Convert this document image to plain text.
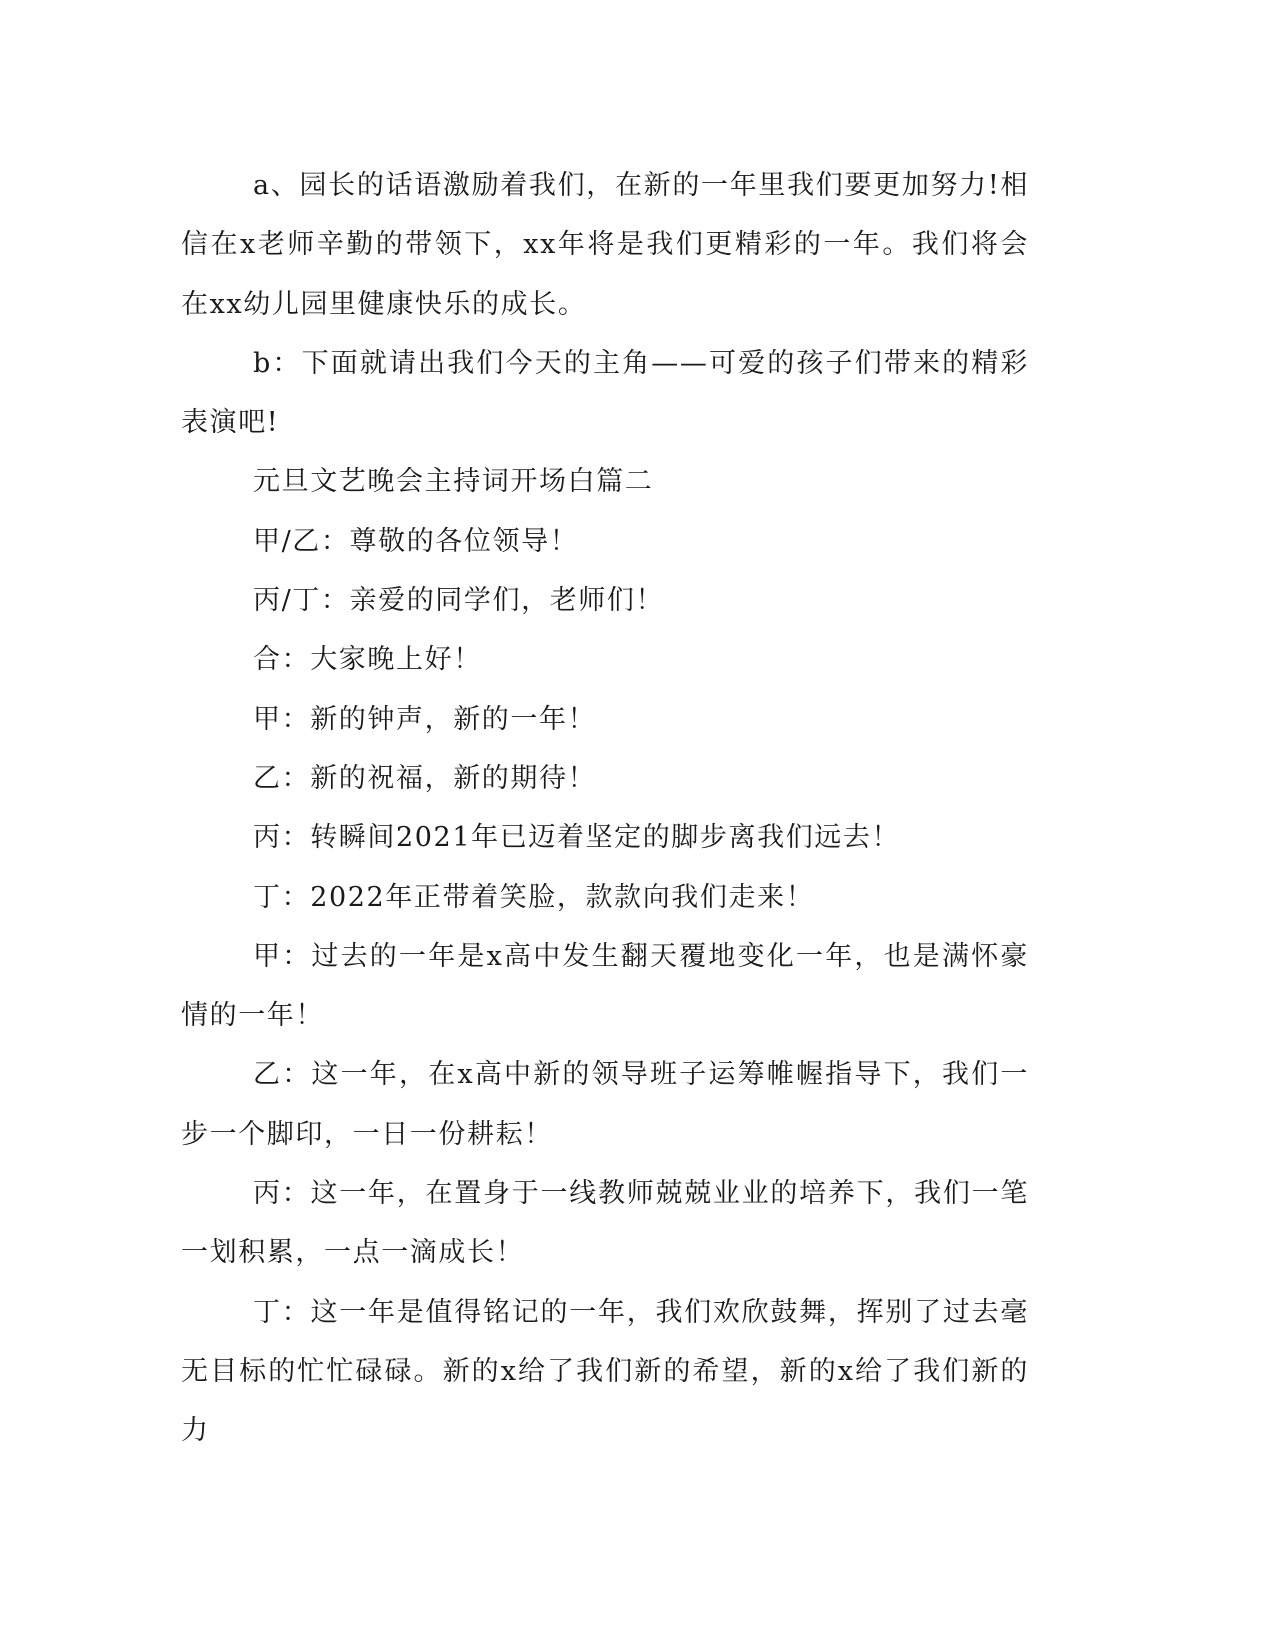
a、园长的话语激励着我们，在新的一年里我们要更加努力!相信在x老师辛勤的带领下，xx年将是我们更精彩的一年。我们将会在xx幼儿园里健康快乐的成长。

b：下面就请出我们今天的主角——可爱的孩子们带来的精彩表演吧!

元旦文艺晚会主持词开场白篇二

甲/乙：尊敬的各位领导！

丙/丁：亲爱的同学们，老师们！

合：大家晚上好！

甲：新的钟声，新的一年！

乙：新的祝福，新的期待！

丙：转瞬间2021年已迈着坚定的脚步离我们远去！

丁：2022年正带着笑脸，款款向我们走来！

甲：过去的一年是x高中发生翻天覆地变化一年，也是满怀豪情的一年！

乙：这一年，在x高中新的领导班子运筹帷幄指导下，我们一步一个脚印，一日一份耕耘！

丙：这一年，在置身于一线教师兢兢业业的培养下，我们一笔一划积累，一点一滴成长！

丁：这一年是值得铭记的一年，我们欢欣鼓舞，挥别了过去毫无目标的忙忙碌碌。新的x给了我们新的希望，新的x给了我们新的力
